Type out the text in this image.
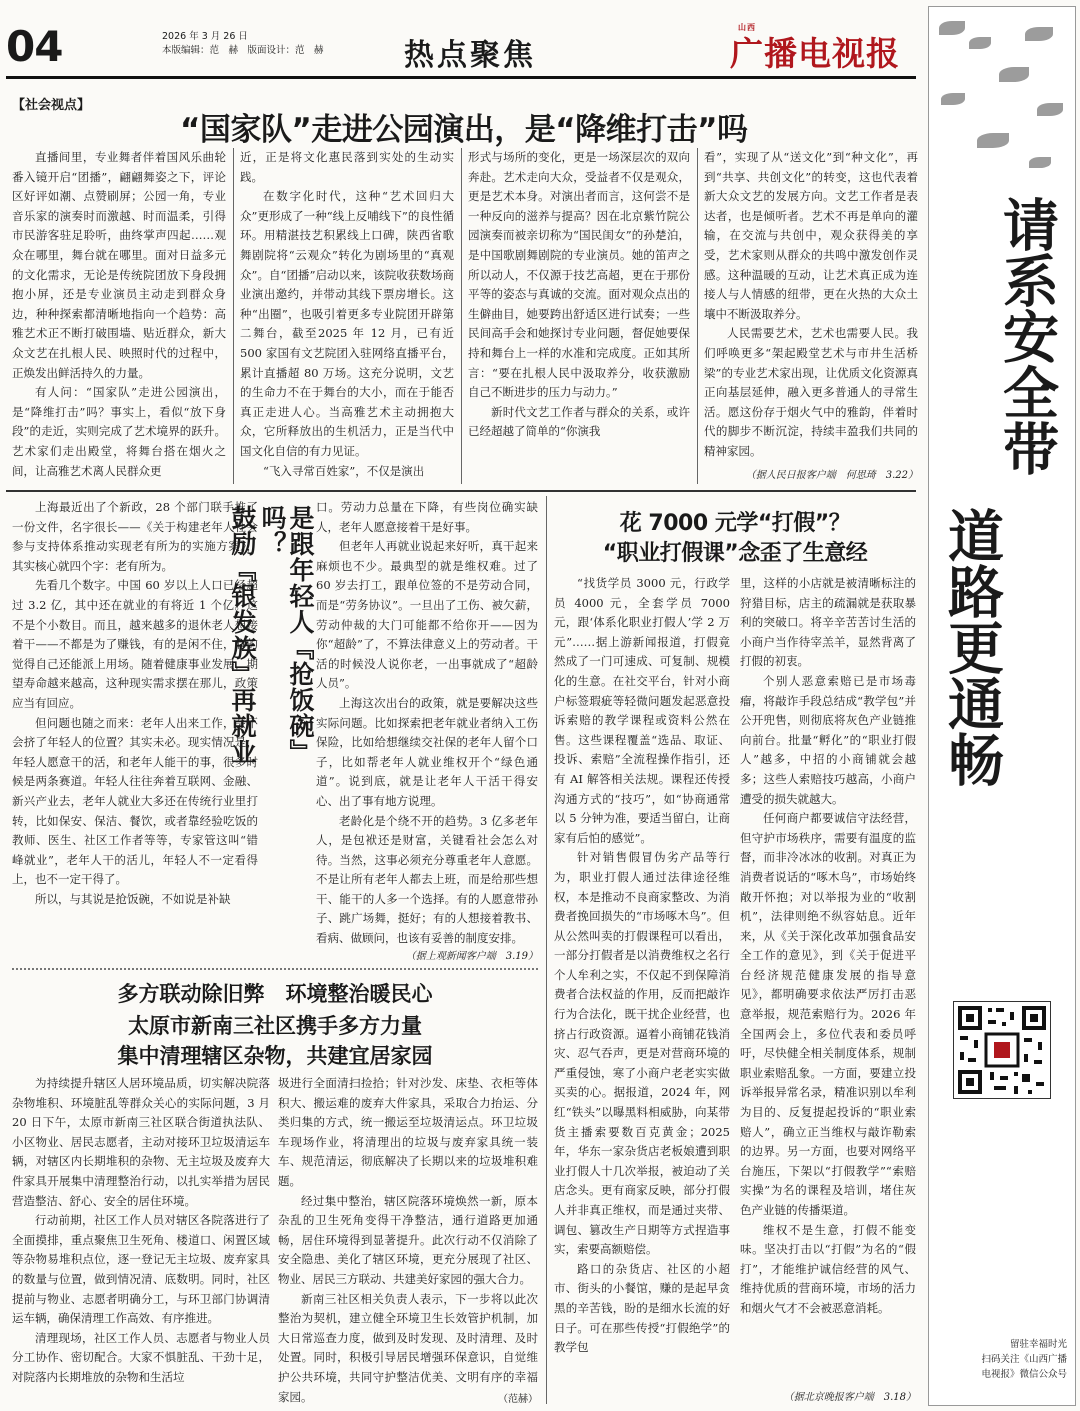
04	2026 年 3 月 26 日
本版编辑：范　赫　版面设计：范　赫	热点聚焦
山西
广播电视报
【社会视点】
“国家队”走进公园演出，是“降维打击”吗

直播间里，专业舞者伴着国风乐曲轮番入镜开启“团播”，翩翩舞姿之下，评论区好评如潮、点赞刷屏；公园一角，专业音乐家的演奏时而激越、时而温柔，引得市民游客驻足聆听，曲终掌声四起……观众在哪里，舞台就在哪里。面对日益多元的文化需求，无论是传统院团放下身段拥抱小屏，还是专业演员主动走到群众身边，种种探索都清晰地指向一个趋势：高雅艺术正不断打破围墙、贴近群众，新大众文艺在扎根人民、映照时代的过程中，正焕发出鲜活持久的力量。

有人问：“国家队”走进公园演出，是“降维打击”吗？事实上，看似“放下身段”的走近，实则完成了艺术境界的跃升。艺术家们走出殿堂，将舞台搭在烟火之间，让高雅艺术离人民群众更

近，正是将文化惠民落到实处的生动实践。

在数字化时代，这种“艺术回归大众”更形成了一种“线上反哺线下”的良性循环。用精湛技艺积累线上口碑，陕西省歌舞剧院将“云观众”转化为剧场里的“真观众”。自“团播”启动以来，该院收获数场商业演出邀约，并带动其线下票房增长。这种“出圈”，也吸引着更多专业院团开辟第二舞台，截至2025 年 12 月，已有近 500 家国有文艺院团入驻网络直播平台，累计直播超 80 万场。这充分说明，文艺的生命力不在于舞台的大小，而在于能否真正走进人心。当高雅艺术主动拥抱大众，它所释放出的生机活力，正是当代中国文化自信的有力见证。

“飞入寻常百姓家”，不仅是演出

形式与场所的变化，更是一场深层次的双向奔赴。艺术走向大众，受益者不仅是观众，更是艺术本身。对演出者而言，这何尝不是一种反向的滋养与提高？因在北京紫竹院公园演奏而被亲切称为“国民闺女”的孙楚泊，是中国歌剧舞剧院的专业演员。她的笛声之所以动人，不仅源于技艺高超，更在于那份平等的姿态与真诚的交流。面对观众点出的生僻曲目，她要跨出舒适区进行试奏；一些民间高手会和她探讨专业问题，督促她要保持和舞台上一样的水准和完成度。正如其所言：“要在扎根人民中汲取养分，收获激励自己不断进步的压力与动力。”

新时代文艺工作者与群众的关系，或许已经超越了简单的“你演我

看”，实现了从“送文化”到“种文化”，再到“共享、共创文化”的转变，这也代表着新大众文艺的发展方向。文艺工作者是表达者，也是倾听者。艺术不再是单向的灌输，在交流与共创中，观众获得美的享受，艺术家则从群众的共鸣中激发创作灵感。这种温暖的互动，让艺术真正成为连接人与人情感的纽带，更在火热的大众土壤中不断汲取养分。

人民需要艺术，艺术也需要人民。我们呼唤更多“架起殿堂艺术与市井生活桥梁”的专业艺术家出现，让优质文化资源真正向基层延伸，融入更多普通人的寻常生活。愿这份存于烟火气中的雅韵，伴着时代的脚步不断沉淀，持续丰盈我们共同的精神家园。

（据人民日报客户端　何思琦　3.22）

上海最近出了个新政，28 个部门联手推了一份文件，名字很长——《关于构建老年人社会参与支持体系推动实现老有所为的实施方案》，其实核心就四个字：老有所为。

先看几个数字。中国 60 岁以上人口已经超过 3.2 亿，其中还在就业的有将近 1 个亿。这不是个小数目。而且，越来越多的退休老人想接着干——不都是为了赚钱，有的是闲不住，有的觉得自己还能派上用场。随着健康事业发展，期望寿命越来越高，这种现实需求摆在那儿，政策应当有回应。

但问题也随之而来：老年人出来工作，会不会挤了年轻人的位置？其实未必。现实情况是，年轻人愿意干的活，和老年人能干的事，很多时候是两条赛道。年轻人往往奔着互联网、金融、新兴产业去，老年人就业大多还在传统行业里打转，比如保安、保洁、餐饮，或者靠经验吃饭的教师、医生、社区工作者等等，专家管这叫“错峰就业”，老年人干的活儿，年轻人不一定看得上，也不一定干得了。

所以，与其说是抢饭碗，不如说是补缺

是跟年轻人『抢饭碗』吗？
鼓励『银发族』再就业	口。劳动力总量在下降，有些岗位确实缺人，老年人愿意接着干是好事。

但老年人再就业说起来好听，真干起来麻烦也不少。最典型的就是维权难。过了 60 岁去打工，跟单位签的不是劳动合同，而是“劳务协议”。一旦出了工伤、被欠薪，劳动仲裁的大门可能都不给你开——因为你“超龄”了，不算法律意义上的劳动者。干活的时候没人说你老，一出事就成了“超龄人员”。

上海这次出台的政策，就是要解决这些实际问题。比如探索把老年就业者纳入工伤保险，比如给想继续交社保的老年人留个口子，比如帮老年人就业维权开个“绿色通道”。说到底，就是让老年人干活干得安心、出了事有地方说理。

老龄化是个绕不开的趋势。3 亿多老年人，是包袱还是财富，关键看社会怎么对待。当然，这事必须充分尊重老年人意愿。不是让所有老年人都去上班，而是给那些想干、能干的人多一个选择。有的人愿意带孙子、跳广场舞，挺好；有的人想接着教书、看病、做顾问，也该有妥善的制度安排。

（据上观新闻客户端　3.19）
多方联动除旧弊　环境整治暖民心
太原市新南三社区携手多方力量
集中清理辖区杂物，共建宜居家园

为持续提升辖区人居环境品质，切实解决院落杂物堆积、环境脏乱等群众关心的实际问题，3 月 20 日下午，太原市新南三社区联合街道执法队、小区物业、居民志愿者，主动对接环卫垃圾清运车辆，对辖区内长期堆积的杂物、无主垃圾及废弃大件家具开展集中清理整治行动，以扎实举措为居民营造整洁、舒心、安全的居住环境。

行动前期，社区工作人员对辖区各院落进行了全面摸排，重点聚焦卫生死角、楼道口、闲置区域等杂物易堆积点位，逐一登记无主垃圾、废弃家具的数量与位置，做到情况清、底数明。同时，社区提前与物业、志愿者明确分工，与环卫部门协调清运车辆，确保清理工作高效、有序推进。

清理现场，社区工作人员、志愿者与物业人员分工协作、密切配合。大家不惧脏乱、干劲十足，对院落内长期堆放的杂物和生活垃

圾进行全面清扫捡拾；针对沙发、床垫、衣柜等体积大、搬运难的废弃大件家具，采取合力抬运、分类归集的方式，统一搬运至垃圾清运点。环卫垃圾车现场作业，将清理出的垃圾与废弃家具统一装车、规范清运，彻底解决了长期以来的垃圾堆积难题。

经过集中整治，辖区院落环境焕然一新，原本杂乱的卫生死角变得干净整洁，通行道路更加通畅，居住环境得到显著提升。此次行动不仅消除了安全隐患、美化了辖区环境，更充分展现了社区、物业、居民三方联动、共建美好家园的强大合力。

新南三社区相关负责人表示，下一步将以此次整治为契机，建立健全环境卫生长效管护机制，加大日常巡查力度，做到及时发现、及时清理、及时处置。同时，积极引导居民增强环保意识，自觉维护公共环境，共同守护整洁优美、文明有序的幸福家园。	（范赫）
花 7000 元学“打假”？
“职业打假课”念歪了生意经

“找货学员 3000 元，行政学员 4000 元，全套学员 7000 元，跟‘体系化职业打假人’学 2 万元”……据上游新闻报道，打假竟然成了一门可速成、可复制、规模化的生意。在社交平台，针对小商户标签瑕疵等轻微问题发起恶意投诉索赔的教学课程或资料公然在售。这些课程覆盖“选品、取证、投诉、索赔”全流程操作指引，还有 AI 解答相关法规。课程还传授沟通方式的“技巧”，如“协商通常以 5 分钟为准，要适当留白，让商家有后怕的感觉”。

针对销售假冒伪劣产品等行为，职业打假人通过法律途径维权，本是推动不良商家整改、为消费者挽回损失的“市场啄木鸟”。但从公然叫卖的打假课程可以看出，一部分打假者是以消费维权之名行个人牟利之实，不仅起不到保障消费者合法权益的作用，反而把敲诈行为合法化，既干扰企业经营，也挤占行政资源。逼着小商铺花钱消灾、忍气吞声，更是对营商环境的严重侵蚀，寒了小商户老老实实做买卖的心。据报道，2024 年，网红“铁头”以曝黑料相威胁，向某带货主播索要数百克黄金；2025 年，华东一家杂货店老板娘遭到职业打假人十几次举报，被迫动了关店念头。更有商家反映，部分打假人并非真正维权，而是通过夹带、调包、篡改生产日期等方式捏造事实，索要高额赔偿。

路口的杂货店、社区的小超市、街头的小餐馆，赚的是起早贪黑的辛苦钱，盼的是细水长流的好日子。可在那些传授“打假绝学”的教学包

里，这样的小店就是被清晰标注的狩猎目标，店主的疏漏就是获取暴利的突破口。将辛辛苦苦讨生活的小商户当作待宰羔羊，显然背离了打假的初衷。

个别人恶意索赔已是市场毒瘤，将敲诈手段总结成“教学包”并公开兜售，则彻底将灰色产业链推向前台。批量“孵化”的“职业打假人”越多，中招的小商铺就会越多；这些人索赔技巧越高，小商户遭受的损失就越大。

任何商户都要诚信守法经营，但守护市场秩序，需要有温度的监督，而非冷冰冰的收割。对真正为消费者说话的“啄木鸟”，市场始终敞开怀抱；对以举报为业的“收割机”，法律则绝不纵容姑息。近年来，从《关于深化改革加强食品安全工作的意见》，到《关于促进平台经济规范健康发展的指导意见》，都明确要求依法严厉打击恶意举报，规范索赔行为。2026 年全国两会上，多位代表和委员呼吁，尽快健全相关制度体系，规制职业索赔乱象。一方面，要建立投诉举报异常名录，精准识别以牟利为目的、反复提起投诉的“职业索赔人”，确立正当维权与敲诈勒索的边界。另一方面，也要对网络平台施压，下架以“打假教学”“索赔实操”为名的课程及培训，堵住灰色产业链的传播渠道。

维权不是生意，打假不能变味。坚决打击以“打假”为名的“假打”，才能维护诚信经营的风气、维持优质的营商环境，市场的活力和烟火气才不会被恶意消耗。

（据北京晚报客户端　3.18）
道路更通畅
留驻幸福时光
扫码关注《山西广播
电视报》微信公众号
请系安全带
